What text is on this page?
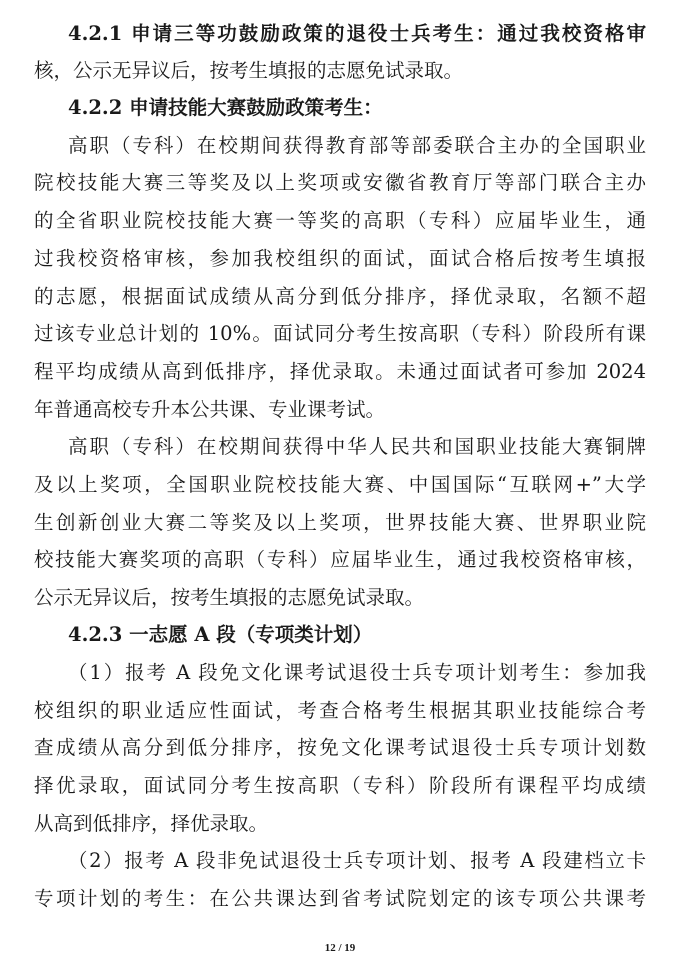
4.2.1 申请三等功鼓励政策的退役士兵考生：通过我校资格审
核，公示无异议后，按考生填报的志愿免试录取。
4.2.2 申请技能大赛鼓励政策考生：
高职（专科）在校期间获得教育部等部委联合主办的全国职业
院校技能大赛三等奖及以上奖项或安徽省教育厅等部门联合主办
的全省职业院校技能大赛一等奖的高职（专科）应届毕业生，通
过我校资格审核，参加我校组织的面试，面试合格后按考生填报
的志愿，根据面试成绩从高分到低分排序，择优录取，名额不超
过该专业总计划的 10%。面试同分考生按高职（专科）阶段所有课
程平均成绩从高到低排序，择优录取。未通过面试者可参加 2024
年普通高校专升本公共课、专业课考试。
高职（专科）在校期间获得中华人民共和国职业技能大赛铜牌
及以上奖项，全国职业院校技能大赛、中国国际“互联网+”大学
生创新创业大赛二等奖及以上奖项，世界技能大赛、世界职业院
校技能大赛奖项的高职（专科）应届毕业生，通过我校资格审核，
公示无异议后，按考生填报的志愿免试录取。
4.2.3 一志愿 A 段（专项类计划）
（1）报考 A 段免文化课考试退役士兵专项计划考生：参加我
校组织的职业适应性面试，考查合格考生根据其职业技能综合考
查成绩从高分到低分排序，按免文化课考试退役士兵专项计划数
择优录取，面试同分考生按高职（专科）阶段所有课程平均成绩
从高到低排序，择优录取。
（2）报考 A 段非免试退役士兵专项计划、报考 A 段建档立卡
专项计划的考生：在公共课达到省考试院划定的该专项公共课考
12 / 19
